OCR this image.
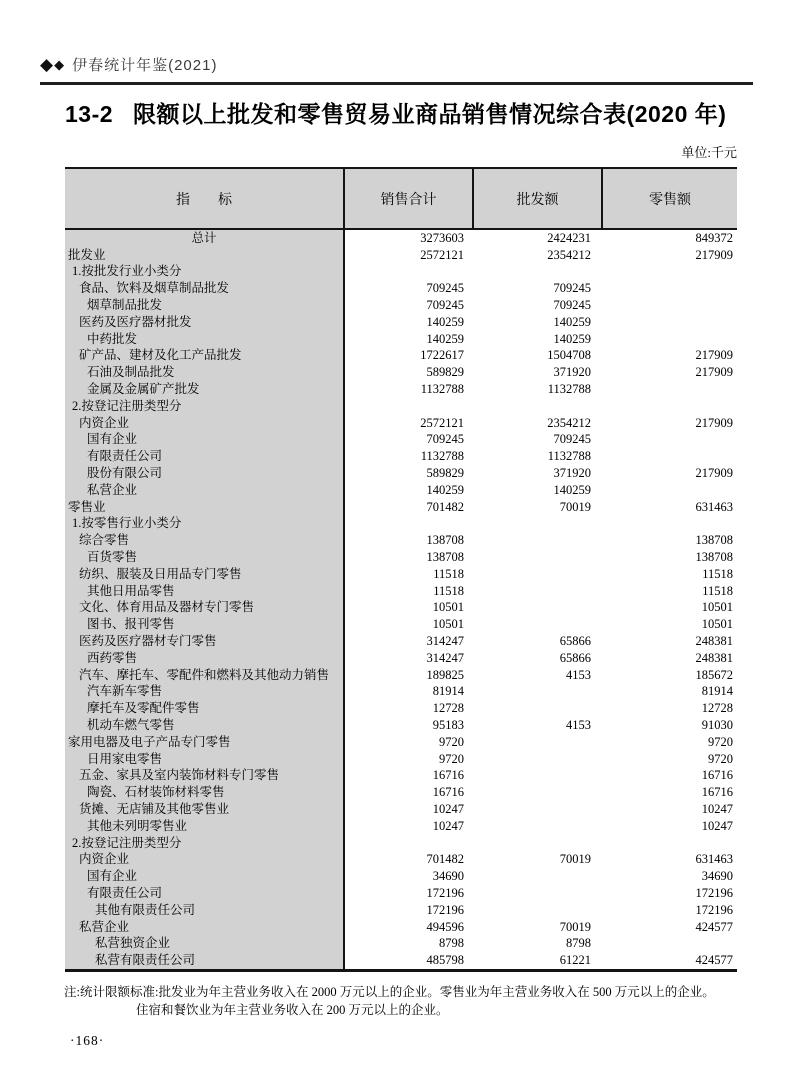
◆ ◆ 伊春统计年鉴(2021)
13-2 限额以上批发和零售贸易业商品销售情况综合表(2020 年)
单位:千元
指　　标	销售合计	批发额	零售额
总计	3273603	2424231	849372
批发业	2572121	2354212	217909
1.按批发行业小类分			
食品、饮料及烟草制品批发	709245	709245	
烟草制品批发	709245	709245	
医药及医疗器材批发	140259	140259	
中药批发	140259	140259	
矿产品、建材及化工产品批发	1722617	1504708	217909
石油及制品批发	589829	371920	217909
金属及金属矿产批发	1132788	1132788	
2.按登记注册类型分			
内资企业	2572121	2354212	217909
国有企业	709245	709245	
有限责任公司	1132788	1132788	
股份有限公司	589829	371920	217909
私营企业	140259	140259	
零售业	701482	70019	631463
1.按零售行业小类分			
综合零售	138708		138708
百货零售	138708		138708
纺织、服装及日用品专门零售	11518		11518
其他日用品零售	11518		11518
文化、体育用品及器材专门零售	10501		10501
图书、报刊零售	10501		10501
医药及医疗器材专门零售	314247	65866	248381
西药零售	314247	65866	248381
汽车、摩托车、零配件和燃料及其他动力销售	189825	4153	185672
汽车新车零售	81914		81914
摩托车及零配件零售	12728		12728
机动车燃气零售	95183	4153	91030
家用电器及电子产品专门零售	9720		9720
日用家电零售	9720		9720
五金、家具及室内装饰材料专门零售	16716		16716
陶瓷、石材装饰材料零售	16716		16716
货摊、无店铺及其他零售业	10247		10247
其他未列明零售业	10247		10247
2.按登记注册类型分			
内资企业	701482	70019	631463
国有企业	34690		34690
有限责任公司	172196		172196
其他有限责任公司	172196		172196
私营企业	494596	70019	424577
私营独资企业	8798	8798	
私营有限责任公司	485798	61221	424577
注:统计限额标准:批发业为年主营业务收入在 2000 万元以上的企业。零售业为年主营业务收入在 500 万元以上的企业。
住宿和餐饮业为年主营业务收入在 200 万元以上的企业。
·168·
